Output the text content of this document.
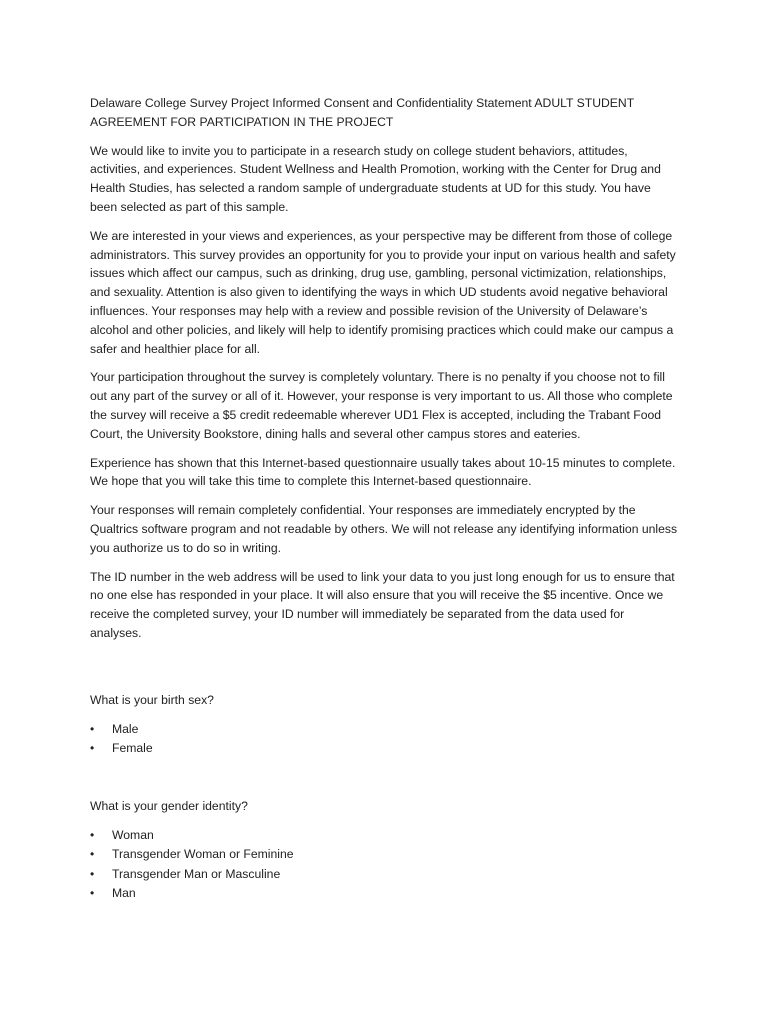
Delaware College Survey Project Informed Consent and Confidentiality Statement ADULT STUDENT AGREEMENT FOR PARTICIPATION IN THE PROJECT

We would like to invite you to participate in a research study on college student behaviors, attitudes, activities, and experiences. Student Wellness and Health Promotion, working with the Center for Drug and Health Studies, has selected a random sample of undergraduate students at UD for this study. You have been selected as part of this sample.

We are interested in your views and experiences, as your perspective may be different from those of college administrators. This survey provides an opportunity for you to provide your input on various health and safety issues which affect our campus, such as drinking, drug use, gambling, personal victimization, relationships, and sexuality. Attention is also given to identifying the ways in which UD students avoid negative behavioral influences. Your responses may help with a review and possible revision of the University of Delaware’s alcohol and other policies, and likely will help to identify promising practices which could make our campus a safer and healthier place for all.

Your participation throughout the survey is completely voluntary. There is no penalty if you choose not to fill out any part of the survey or all of it. However, your response is very important to us. All those who complete the survey will receive a $5 credit redeemable wherever UD1 Flex is accepted, including the Trabant Food Court, the University Bookstore, dining halls and several other campus stores and eateries.

Experience has shown that this Internet-based questionnaire usually takes about 10-15 minutes to complete. We hope that you will take this time to complete this Internet-based questionnaire.

Your responses will remain completely confidential. Your responses are immediately encrypted by the Qualtrics software program and not readable by others. We will not release any identifying information unless you authorize us to do so in writing.

The ID number in the web address will be used to link your data to you just long enough for us to ensure that no one else has responded in your place. It will also ensure that you will receive the $5 incentive. Once we receive the completed survey, your ID number will immediately be separated from the data used for analyses.

What is your birth sex?

• Male
• Female

What is your gender identity?

• Woman
• Transgender Woman or Feminine
• Transgender Man or Masculine
• Man
